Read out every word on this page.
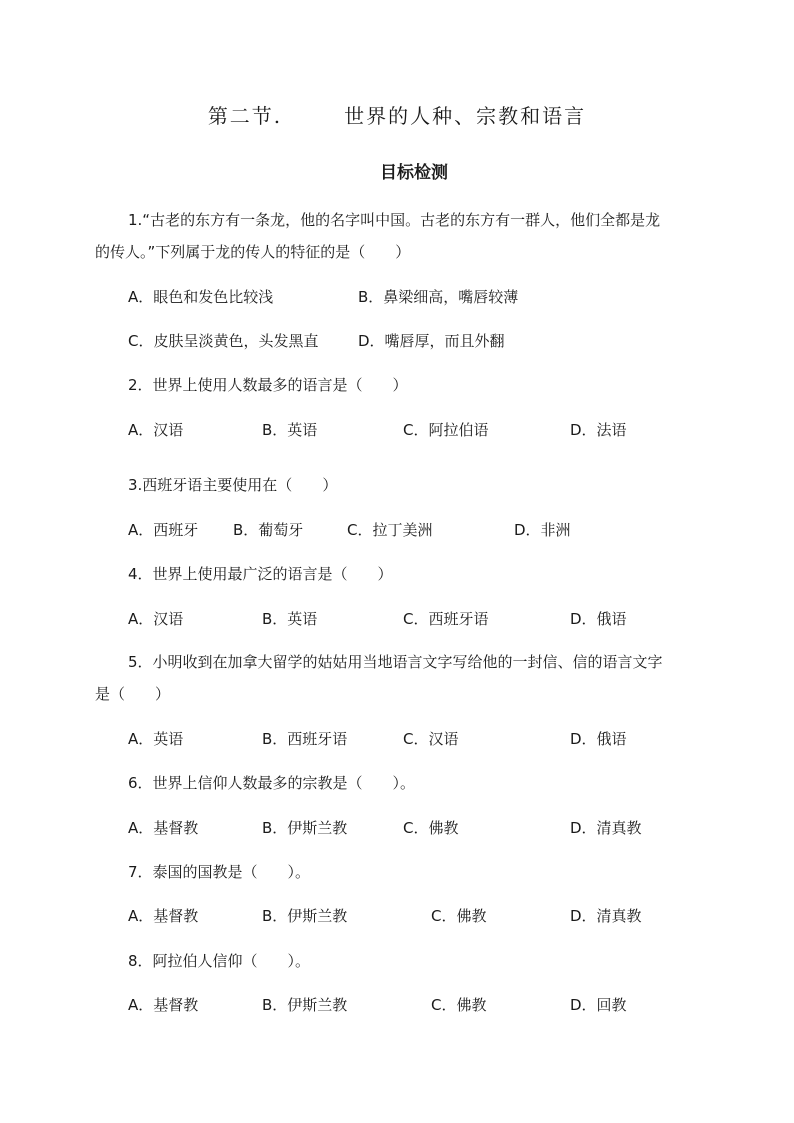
第二节.	世界的人种、宗教和语言
目标检测
1.“古老的东方有一条龙，他的名字叫中国。古老的东方有一群人，他们全都是龙
的传人。”下列属于龙的传人的特征的是（　　）
A．眼色和发色比较浅	B．鼻梁细高，嘴唇较薄
C．皮肤呈淡黄色，头发黑直	D．嘴唇厚，而且外翻
2．世界上使用人数最多的语言是（　　）
A．汉语	B．英语	C．阿拉伯语	D．法语
3.西班牙语主要使用在（　　）
A．西班牙 B．葡萄牙	C．拉丁美洲	D．非洲
4．世界上使用最广泛的语言是（　　）
A．汉语	B．英语	C．西班牙语	D．俄语
5．小明收到在加拿大留学的姑姑用当地语言文字写给他的一封信、信的语言文字
是（　　）
A．英语	B．西班牙语	C．汉语	D．俄语
6．世界上信仰人数最多的宗教是（　　）。
A．基督教	B．伊斯兰教	C．佛教	D．清真教
7．泰国的国教是（　　）。
A．基督教	B．伊斯兰教	C．佛教	D．清真教
8．阿拉伯人信仰（　　）。
A．基督教	B．伊斯兰教	C．佛教	D．回教
